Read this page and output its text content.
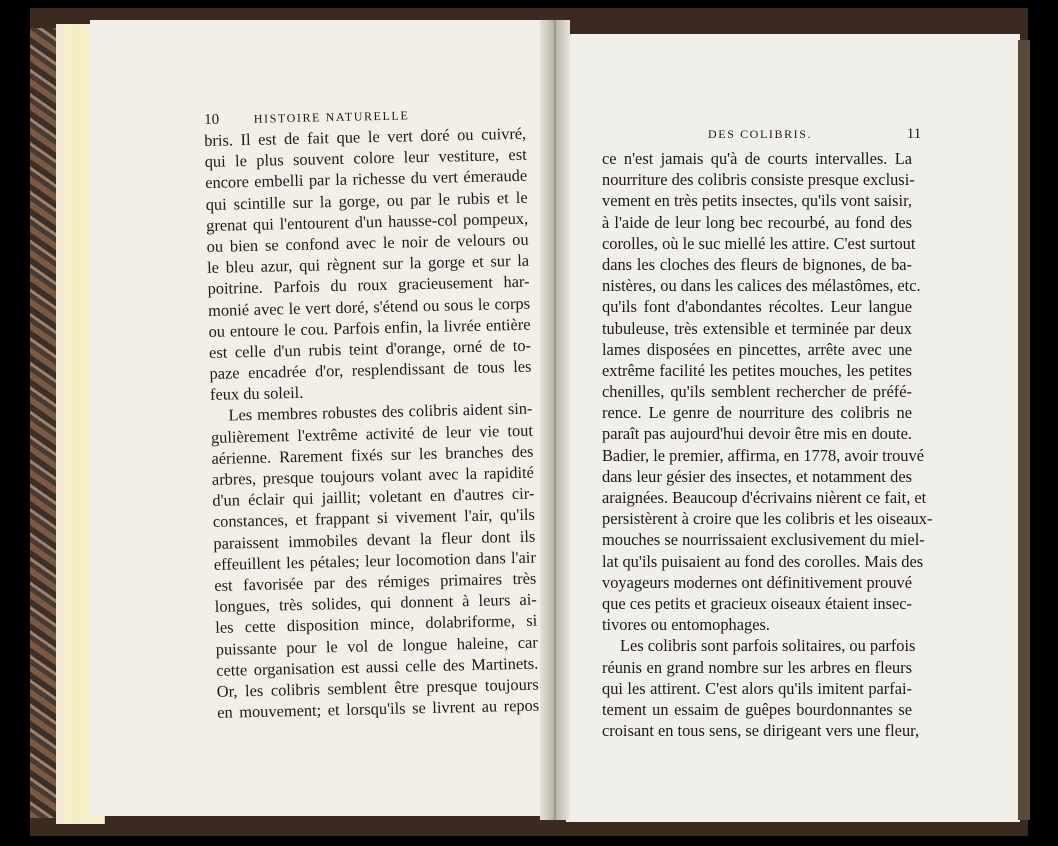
10	HISTOIRE NATURELLE
DES COLIBRIS.	11
bris. Il est de fait que le vert doré ou cuivré,
qui le plus souvent colore leur vestiture, est
encore embelli par la richesse du vert émeraude
qui scintille sur la gorge, ou par le rubis et le
grenat qui l'entourent d'un hausse-col pompeux,
ou bien se confond avec le noir de velours ou
le bleu azur, qui règnent sur la gorge et sur la
poitrine. Parfois du roux gracieusement har-
monié avec le vert doré, s'étend ou sous le corps
ou entoure le cou. Parfois enfin, la livrée entière
est celle d'un rubis teint d'orange, orné de to-
paze encadrée d'or, resplendissant de tous les
feux du soleil.
Les membres robustes des colibris aident sin-
gulièrement l'extrême activité de leur vie tout
aérienne. Rarement fixés sur les branches des
arbres, presque toujours volant avec la rapidité
d'un éclair qui jaillit; voletant en d'autres cir-
constances, et frappant si vivement l'air, qu'ils
paraissent immobiles devant la fleur dont ils
effeuillent les pétales; leur locomotion dans l'air
est favorisée par des rémiges primaires très
longues, très solides, qui donnent à leurs ai-
les cette disposition mince, dolabriforme, si
puissante pour le vol de longue haleine, car
cette organisation est aussi celle des Martinets.
Or, les colibris semblent être presque toujours
en mouvement; et lorsqu'ils se livrent au repos
ce n'est jamais qu'à de courts intervalles. La
nourriture des colibris consiste presque exclusi-
vement en très petits insectes, qu'ils vont saisir,
à l'aide de leur long bec recourbé, au fond des
corolles, où le suc miellé les attire. C'est surtout
dans les cloches des fleurs de bignones, de ba-
nistères, ou dans les calices des mélastômes, etc.
qu'ils font d'abondantes récoltes. Leur langue
tubuleuse, très extensible et terminée par deux
lames disposées en pincettes, arrête avec une
extrême facilité les petites mouches, les petites
chenilles, qu'ils semblent rechercher de préfé-
rence. Le genre de nourriture des colibris ne
paraît pas aujourd'hui devoir être mis en doute.
Badier, le premier, affirma, en 1778, avoir trouvé
dans leur gésier des insectes, et notamment des
araignées. Beaucoup d'écrivains nièrent ce fait, et
persistèrent à croire que les colibris et les oiseaux-
mouches se nourrissaient exclusivement du miel-
lat qu'ils puisaient au fond des corolles. Mais des
voyageurs modernes ont définitivement prouvé
que ces petits et gracieux oiseaux étaient insec-
tivores ou entomophages.
Les colibris sont parfois solitaires, ou parfois
réunis en grand nombre sur les arbres en fleurs
qui les attirent. C'est alors qu'ils imitent parfai-
tement un essaim de guêpes bourdonnantes se
croisant en tous sens, se dirigeant vers une fleur,
